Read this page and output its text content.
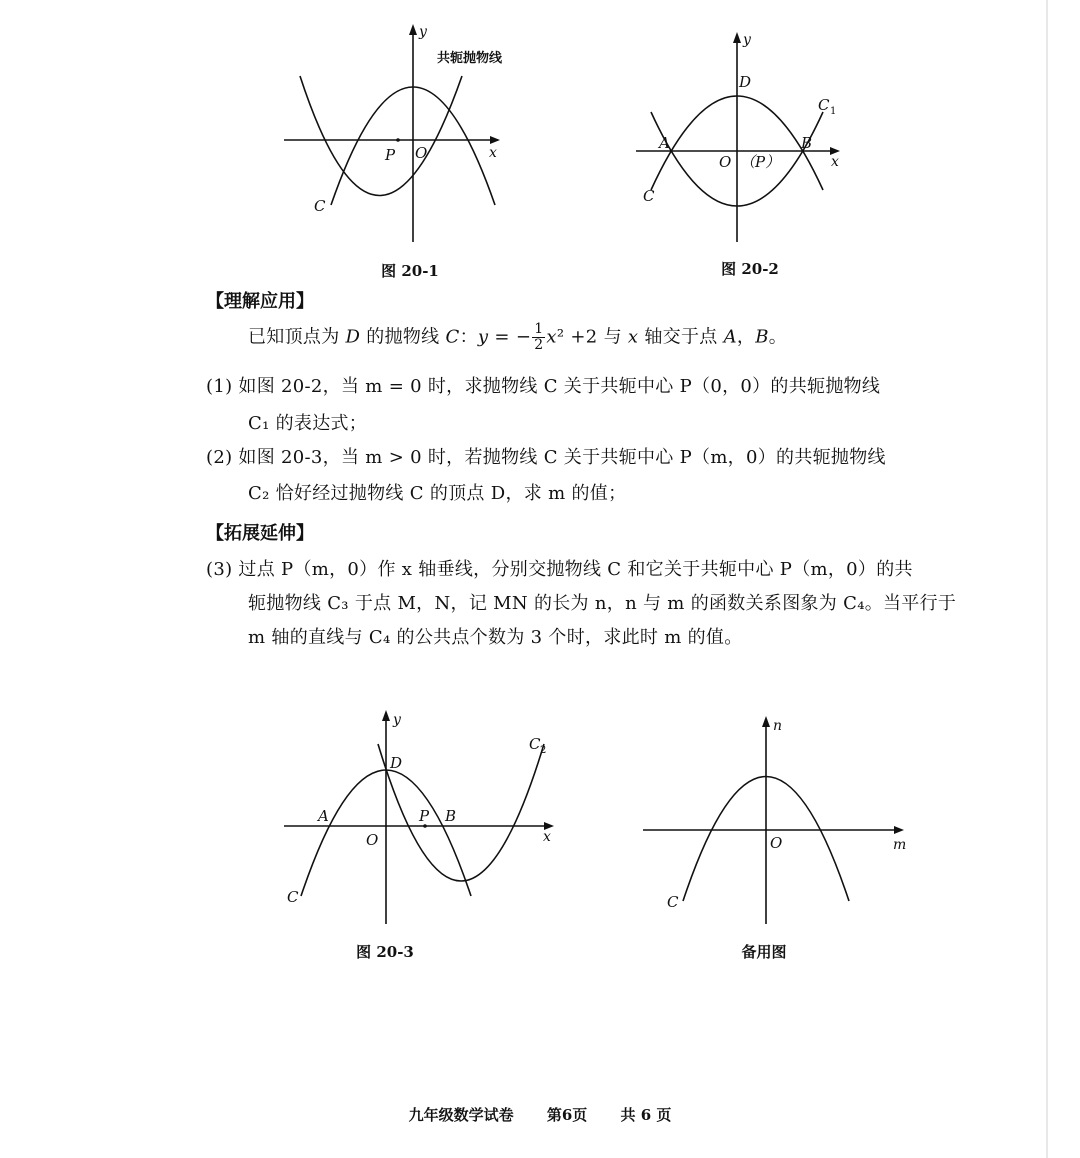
共轭抛物线
y
x
P O
C
y
x
D
C 1
A	B
O （P）
C
图 20-1	图 20-2
【理解应用】
已知顶点为 D 的抛物线 C：y = − $\frac{1}{2} x^2 +2$ 与 x 轴交于点 A，B。
(1) 如图 20-2，当 m = 0 时，求抛物线 C 关于共轭中心 P（0，0）的共轭抛物线
C₁ 的表达式；
(2) 如图 20-3，当 m > 0 时，若抛物线 C 关于共轭中心 P（m，0）的共轭抛物线
C₂ 恰好经过抛物线 C 的顶点 D，求 m 的值；
【拓展延伸】
(3) 过点 P（m，0）作 x 轴垂线，分别交抛物线 C 和它关于共轭中心 P（m，0）的共
轭抛物线 C₃ 于点 M，N，记 MN 的长为 n，n 与 m 的函数关系图象为 C₄。当平行于
m 轴的直线与 C₄ 的公共点个数为 3 个时，求此时 m 的值。
y
x
D
A	P B
O
C
C 2
n
m
O
C
图 20-3	备用图
九年级数学试卷 第6页 共 6 页
